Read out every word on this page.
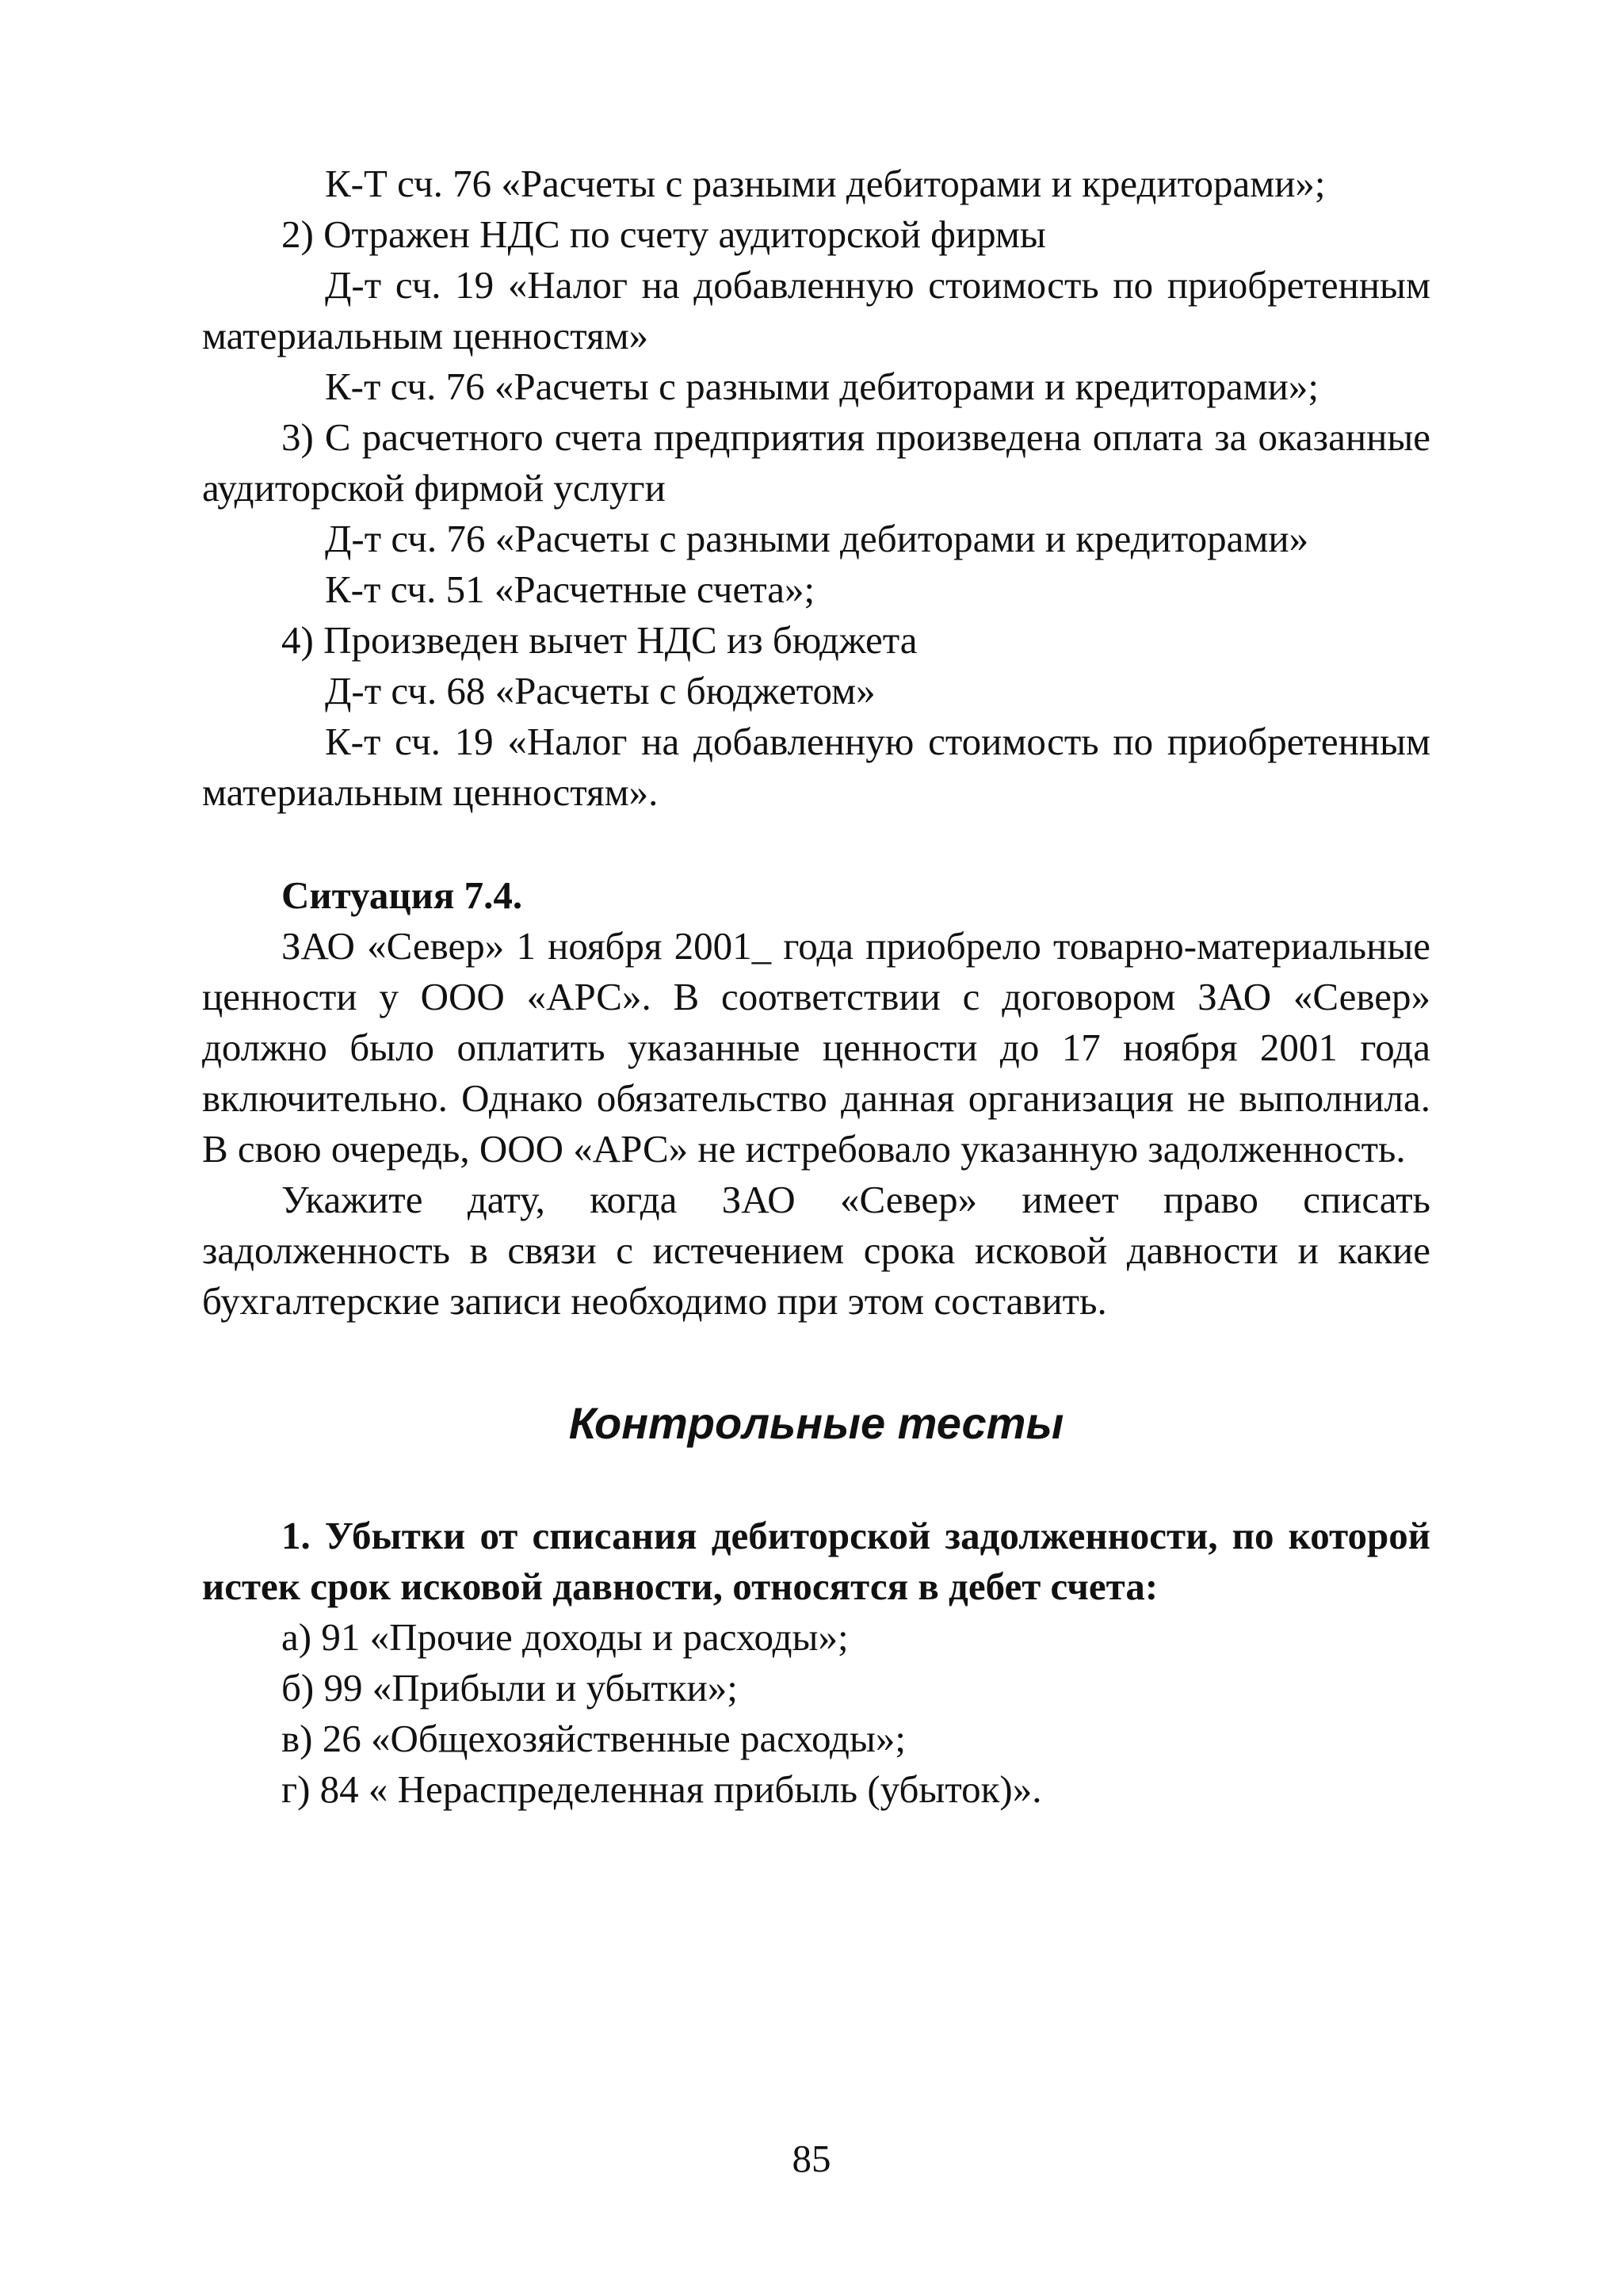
К-Т сч. 76 «Расчеты с разными дебиторами и кредиторами»;
2) Отражен НДС по счету аудиторской фирмы
Д-т сч. 19 «Налог на добавленную стоимость по приобретенным материальным ценностям»
К-т сч. 76 «Расчеты с разными дебиторами и кредиторами»;
3) С расчетного счета предприятия произведена оплата за оказанные аудиторской фирмой услуги
Д-т сч. 76 «Расчеты с разными дебиторами и кредиторами»
К-т сч. 51 «Расчетные счета»;
4) Произведен вычет НДС из бюджета
Д-т сч. 68 «Расчеты с бюджетом»
К-т сч. 19 «Налог на добавленную стоимость по приобретенным материальным ценностям».
Ситуация 7.4.
ЗАО «Север» 1 ноября 2001_ года приобрело товарно-материальные ценности у ООО «АРС». В соответствии с договором ЗАО «Север» должно было оплатить указанные ценности до 17 ноября 2001 года включительно. Однако обязательство данная организация не выполнила. В свою очередь, ООО «АРС» не истребовало указанную задолженность.
Укажите дату, когда ЗАО «Север» имеет право списать задолженность в связи с истечением срока исковой давности и какие бухгалтерские записи необходимо при этом составить.
Контрольные тесты
1. Убытки от списания дебиторской задолженности, по которой истек срок исковой давности, относятся в дебет счета:
а) 91 «Прочие доходы и расходы»;
б) 99 «Прибыли и убытки»;
в) 26 «Общехозяйственные расходы»;
г) 84 « Нераспределенная прибыль (убыток)».
85
